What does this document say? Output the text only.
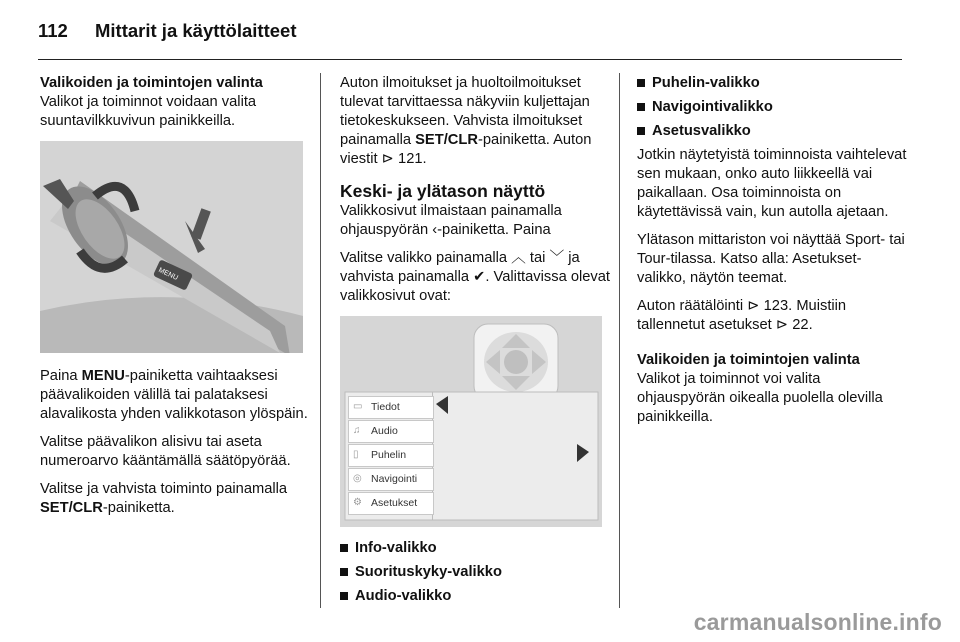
112 Mittarit ja käyttölaitteet
Valikoiden ja toimintojen valinta

Valikot ja toiminnot voidaan valita suuntavilkkuvivun painikkeilla.

MENU

Paina MENU-painiketta vaihtaaksesi päävalikoiden välillä tai palataksesi alavalikosta yhden valikkotason ylöspäin.

Valitse päävalikon alisivu tai aseta numeroarvo kääntämällä säätöpyörää.

Valitse ja vahvista toiminto painamalla SET/CLR-painiketta.

Auton ilmoitukset ja huoltoilmoitukset tulevat tarvittaessa näkyviin kuljettajan tietokeskukseen. Vahvista ilmoitukset painamalla SET/CLR-painiketta. Auton viestit ⊳ 121.

Keski- ja ylätason näyttö

Valikkosivut ilmaistaan painamalla ohjauspyörän ‹-painiketta. Paina

Valitse valikko painamalla ︿ tai ﹀ ja vahvista painamalla ✔. Valittavissa olevat valikkosivut ovat:

▭ Tiedot
♫	Audio
▯	Puhelin
◎ Navigointi
⚙ Asetukset
Info-valikko
Suorituskyky-valikko
Audio-valikko
Puhelin-valikko
Navigointivalikko
Asetusvalikko

Jotkin näytetyistä toiminnoista vaihtelevat sen mukaan, onko auto liikkeellä vai paikallaan. Osa toiminnoista on käytettävissä vain, kun autolla ajetaan.

Ylätason mittariston voi näyttää Sport- tai Tour-tilassa. Katso alla: Asetukset-valikko, näytön teemat.

Auton räätälöinti ⊳ 123. Muistiin tallennetut asetukset ⊳ 22.

Valikoiden ja toimintojen valinta

Valikot ja toiminnot voi valita ohjauspyörän oikealla puolella olevilla painikkeilla.

carmanualsonline.info
